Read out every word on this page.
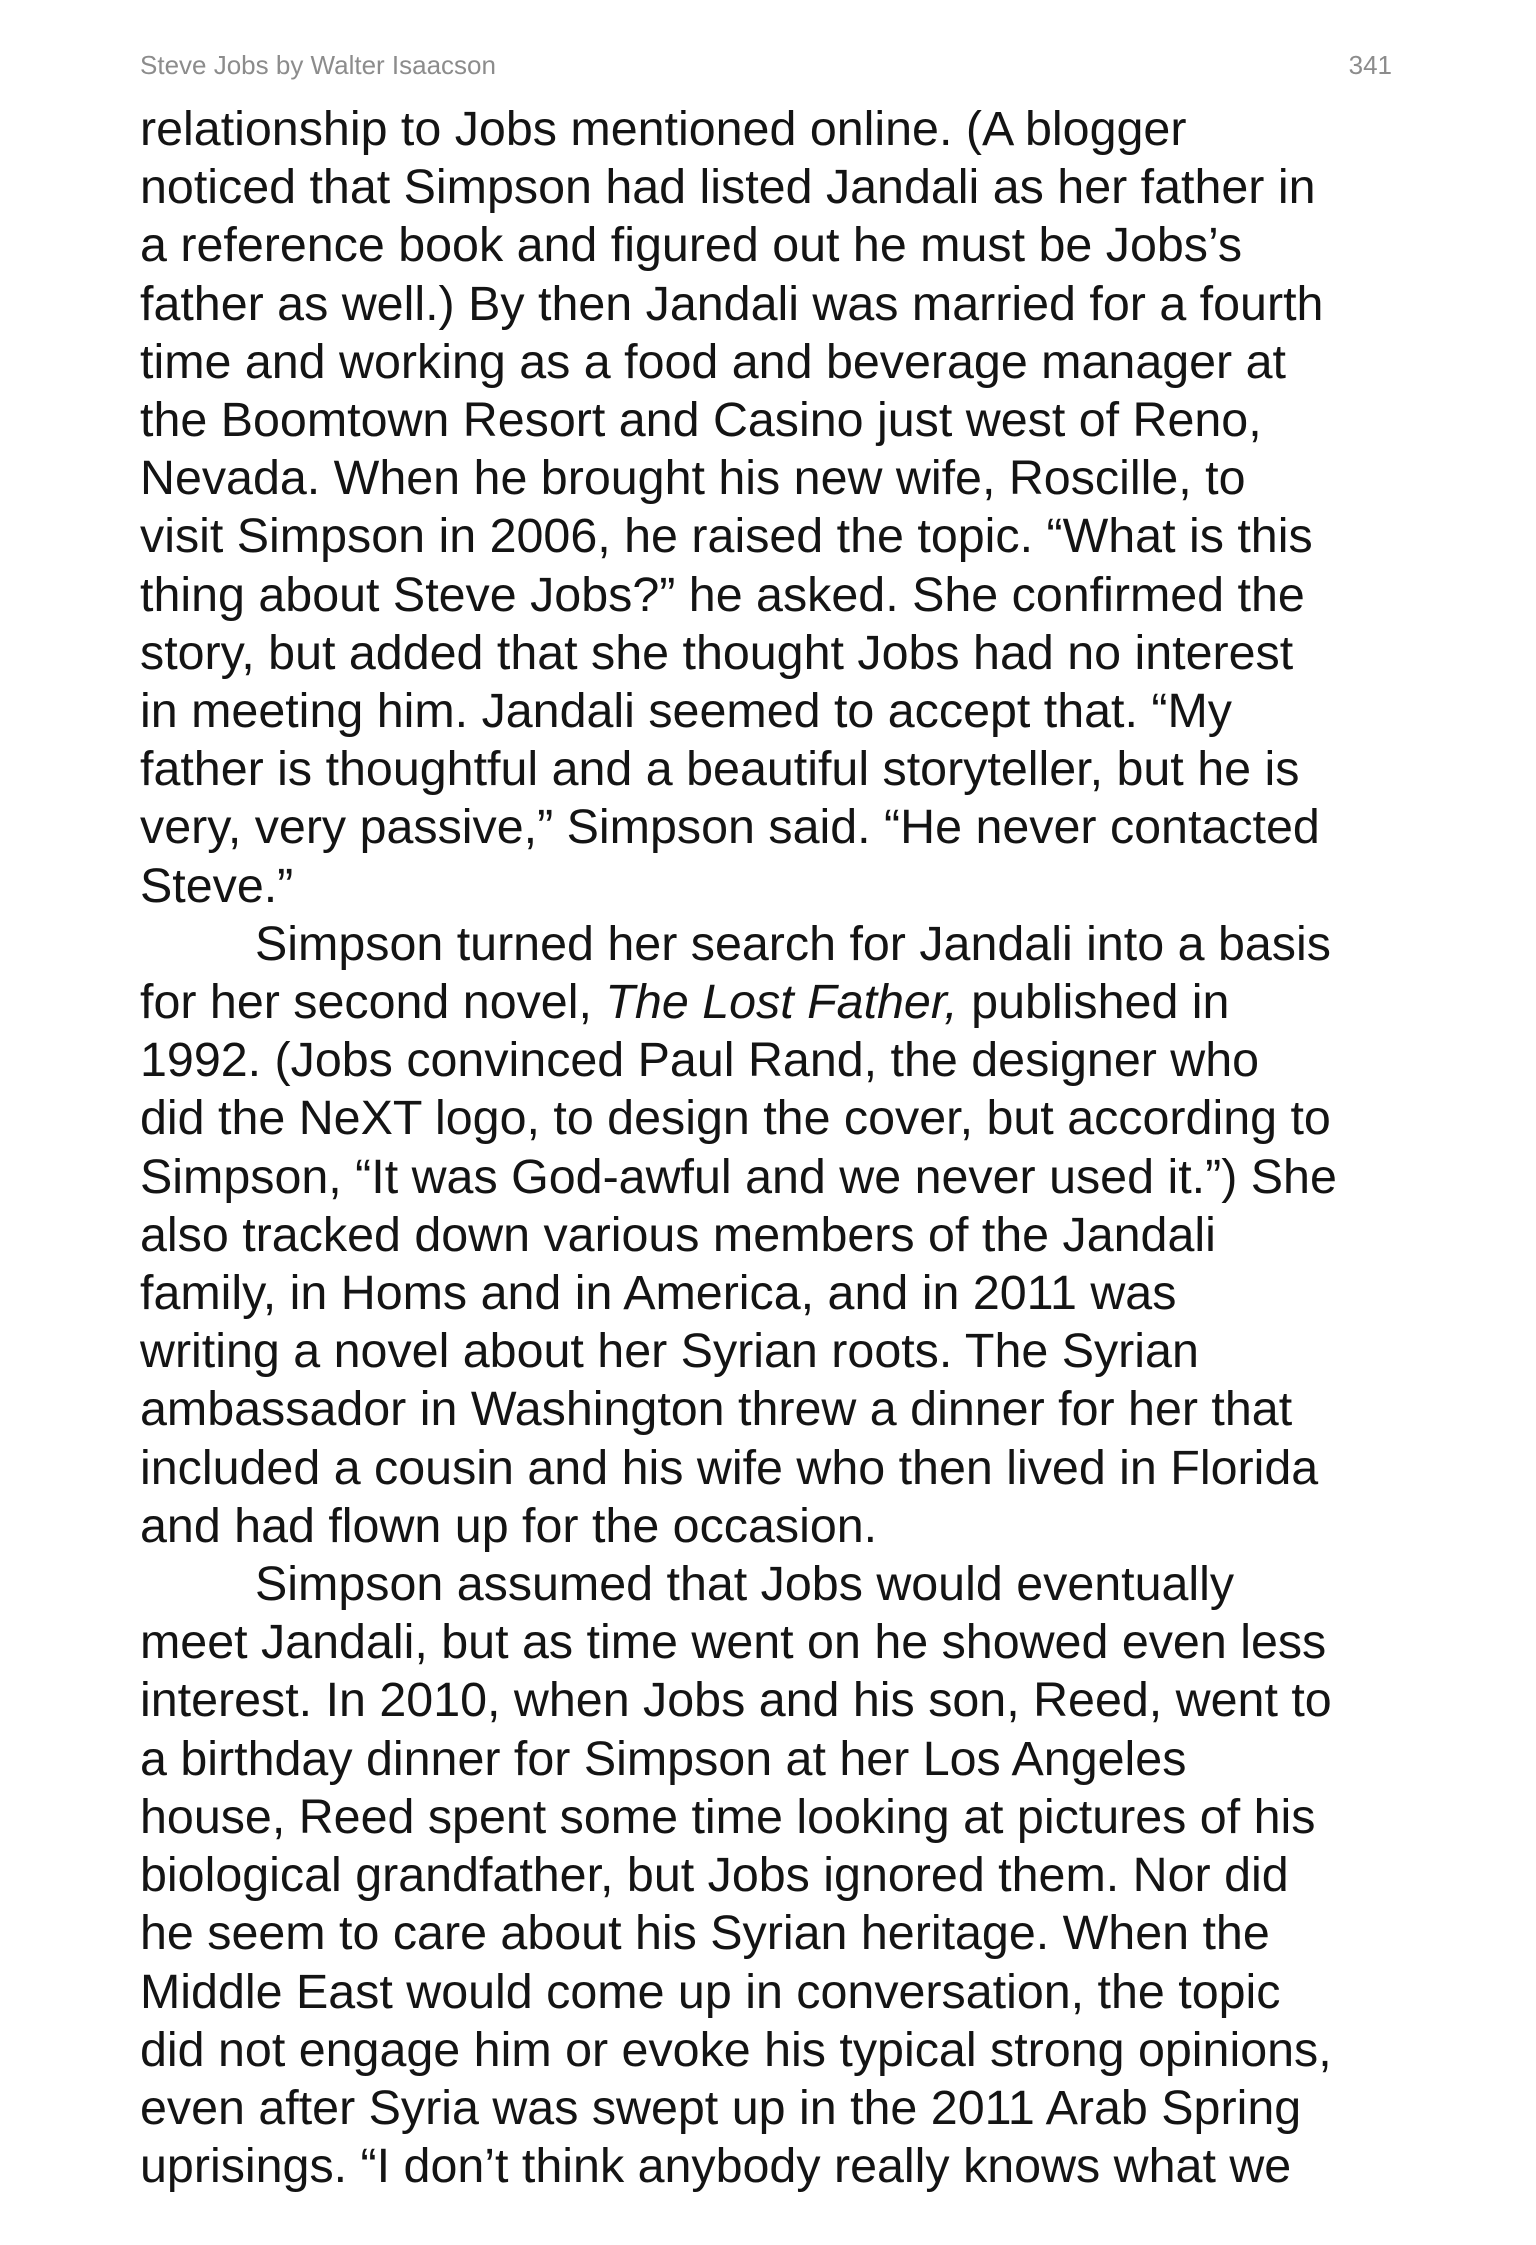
Steve Jobs by Walter Isaacson	341
relationship to Jobs mentioned online. (A blogger
noticed that Simpson had listed Jandali as her father in
a reference book and figured out he must be Jobs’s
father as well.) By then Jandali was married for a fourth
time and working as a food and beverage manager at
the Boomtown Resort and Casino just west of Reno,
Nevada. When he brought his new wife, Roscille, to
visit Simpson in 2006, he raised the topic. “What is this
thing about Steve Jobs?” he asked. She confirmed the
story, but added that she thought Jobs had no interest
in meeting him. Jandali seemed to accept that. “My
father is thoughtful and a beautiful storyteller, but he is
very, very passive,” Simpson said. “He never contacted
Steve.”
Simpson turned her search for Jandali into a basis
for her second novel, The Lost Father, published in
1992. (Jobs convinced Paul Rand, the designer who
did the NeXT logo, to design the cover, but according to
Simpson, “It was God-awful and we never used it.”) She
also tracked down various members of the Jandali
family, in Homs and in America, and in 2011 was
writing a novel about her Syrian roots. The Syrian
ambassador in Washington threw a dinner for her that
included a cousin and his wife who then lived in Florida
and had flown up for the occasion.
Simpson assumed that Jobs would eventually
meet Jandali, but as time went on he showed even less
interest. In 2010, when Jobs and his son, Reed, went to
a birthday dinner for Simpson at her Los Angeles
house, Reed spent some time looking at pictures of his
biological grandfather, but Jobs ignored them. Nor did
he seem to care about his Syrian heritage. When the
Middle East would come up in conversation, the topic
did not engage him or evoke his typical strong opinions,
even after Syria was swept up in the 2011 Arab Spring
uprisings. “I don’t think anybody really knows what we
